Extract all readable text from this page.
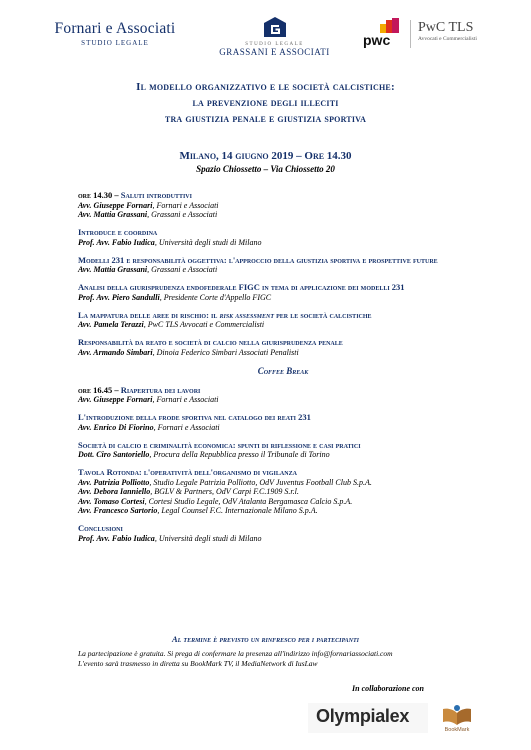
Fornari e Associati
STUDIO LEGALE	STUDIO LEGALE
GRASSANI E ASSOCIATI
pwc
PwC TLS
Avvocati e Commercialisti
Il modello organizzativo e le società calcistiche:
la prevenzione degli illeciti
tra giustizia penale e giustizia sportiva
Milano, 14 giugno 2019 – Ore 14.30
Spazio Chiossetto – Via Chiossetto 20
ore 14.30 – Saluti introduttivi
Avv. Giuseppe Fornari, Fornari e Associati
Avv. Mattia Grassani, Grassani e Associati
Introduce e coordina
Prof. Avv. Fabio Iudica, Università degli studi di Milano
Modelli 231 e responsabilità oggettiva: l'approccio della giustizia sportiva e prospettive future
Avv. Mattia Grassani, Grassani e Associati
Analisi della giurisprudenza endofederale FIGC in tema di applicazione dei modelli 231
Prof. Avv. Piero Sandulli, Presidente Corte d'Appello FIGC
La mappatura delle aree di rischio: il risk assessment per le società calcistiche
Avv. Pamela Terazzi, PwC TLS Avvocati e Commercialisti
Responsabilità da reato e società di calcio nella giurisprudenza penale
Avv. Armando Simbari, Dinoia Federico Simbari Associati Penalisti
Coffee Break
ore 16.45 – Riapertura dei lavori
Avv. Giuseppe Fornari, Fornari e Associati
L'introduzione della frode sportiva nel catalogo dei reati 231
Avv. Enrico Di Fiorino, Fornari e Associati
Società di calcio e criminalità economica: spunti di riflessione e casi pratici
Dott. Ciro Santoriello, Procura della Repubblica presso il Tribunale di Torino
Tavola Rotonda: l'operatività dell'organismo di vigilanza
Avv. Patrizia Polliotto, Studio Legale Patrizia Polliotto, OdV Juventus Football Club S.p.A.
Avv. Debora Ianniello, BGLV & Partners, OdV Carpi F.C.1909 S.r.l.
Avv. Tomaso Cortesi, Cortesi Studio Legale, OdV Atalanta Bergamasca Calcio S.p.A.
Avv. Francesco Sartorio, Legal Counsel F.C. Internazionale Milano S.p.A.
Conclusioni
Prof. Avv. Fabio Iudica, Università degli studi di Milano
Al termine è previsto un rinfresco per i partecipanti
La partecipazione è gratuita. Si prega di confermare la presenza all'indirizzo info@fornariassociati.com
L'evento sarà trasmesso in diretta su BookMark TV, il MediaNetwork di IusLaw
In collaborazione con
Olympialex
BookMark
